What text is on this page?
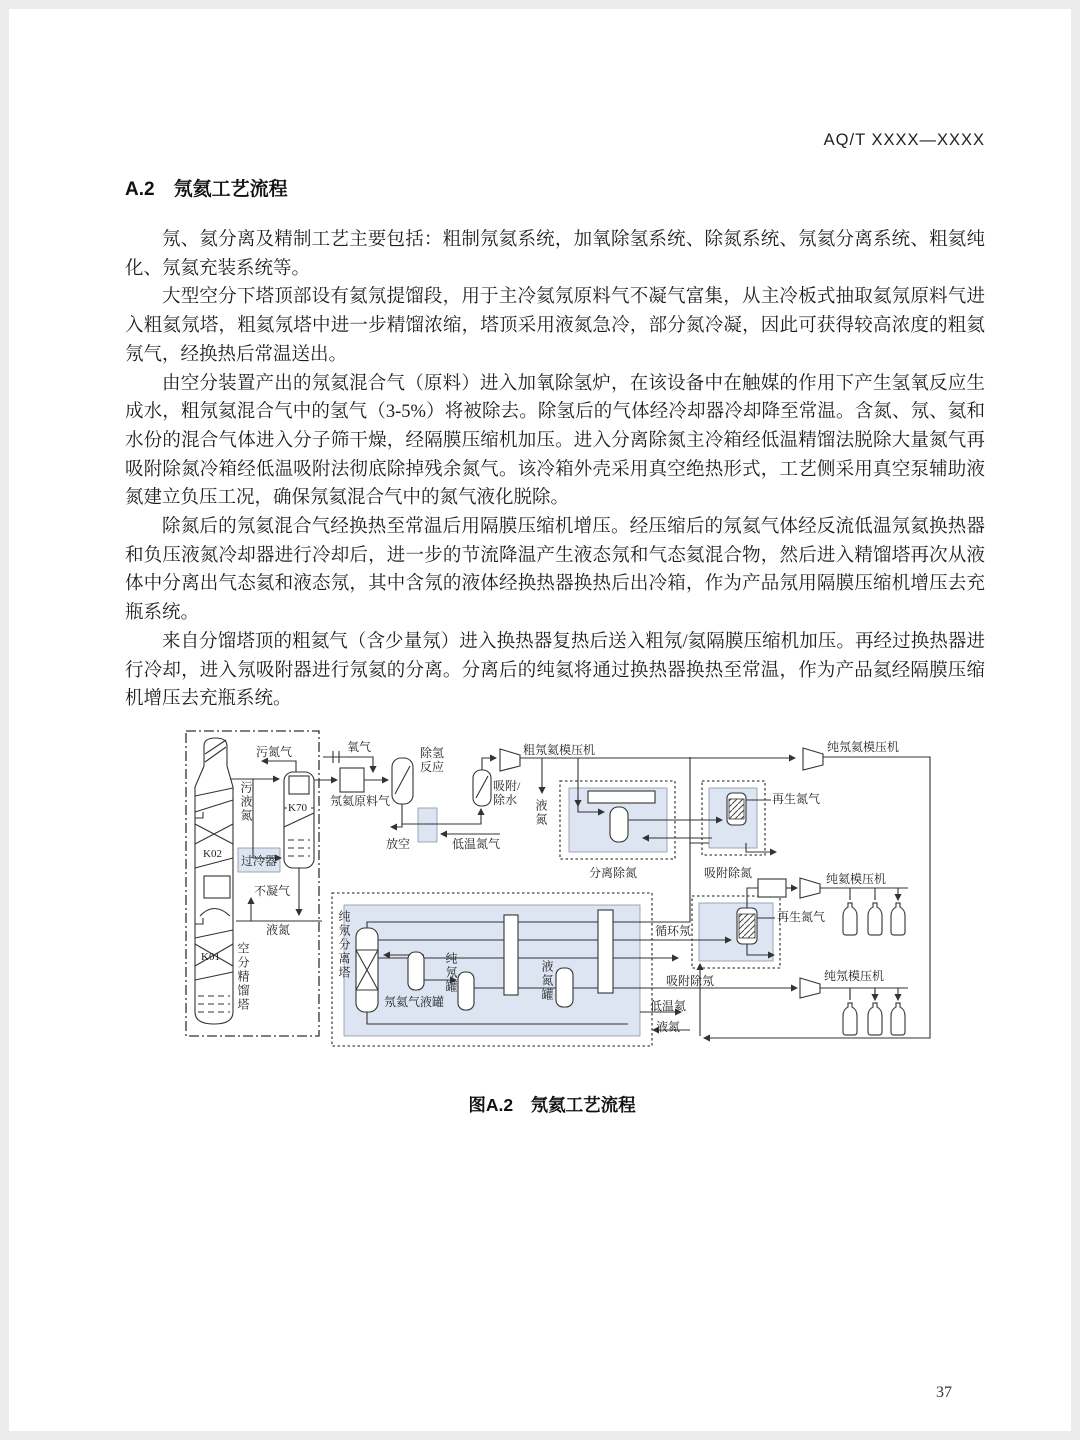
AQ/T XXXX—XXXX
A.2　氖氦工艺流程

氖、氦分离及精制工艺主要包括：粗制氖氦系统，加氧除氢系统、除氮系统、氖氦分离系统、粗氦纯化、氖氦充装系统等。

大型空分下塔顶部设有氦氖提馏段，用于主冷氦氖原料气不凝气富集，从主冷板式抽取氦氖原料气进入粗氦氖塔，粗氦氖塔中进一步精馏浓缩，塔顶采用液氮急冷，部分氮冷凝，因此可获得较高浓度的粗氦氖气，经换热后常温送出。

由空分装置产出的氖氦混合气（原料）进入加氧除氢炉，在该设备中在触媒的作用下产生氢氧反应生成水，粗氖氦混合气中的氢气（3-5%）将被除去。除氢后的气体经冷却器冷却降至常温。含氮、氖、氦和水份的混合气体进入分子筛干燥，经隔膜压缩机加压。进入分离除氮主冷箱经低温精馏法脱除大量氮气再吸附除氮冷箱经低温吸附法彻底除掉残余氮气。该冷箱外壳采用真空绝热形式，工艺侧采用真空泵辅助液氮建立负压工况，确保氖氦混合气中的氮气液化脱除。

除氮后的氖氦混合气经换热至常温后用隔膜压缩机增压。经压缩后的氖氦气体经反流低温氖氦换热器和负压液氮冷却器进行冷却后，进一步的节流降温产生液态氖和气态氦混合物，然后进入精馏塔再次从液体中分离出气态氦和液态氖，其中含氖的液体经换热器换热后出冷箱，作为产品氖用隔膜压缩机增压去充瓶系统。

来自分馏塔顶的粗氦气（含少量氖）进入换热器复热后送入粗氖/氦隔膜压缩机加压。再经过换热器进行冷却，进入氖吸附器进行氖氦的分离。分离后的纯氦将通过换热器换热至常温，作为产品氦经隔膜压缩机增压去充瓶系统。

污氮气
污液氮	K70
K02
K01
过冷器
不凝气
液氮
空分精馏塔
氧气
氖氦原料气
除氢反应
放空	低温氮气
吸附/除水
粗氖氦模压机
液氮
分离除氮	吸附除氮
再生氮气
纯氖氦模压机
纯氖分离塔
氖氦气液罐
纯氖罐	液氮罐
循环氖
吸附除氖
再生氮气
纯氦模压机
纯氖模压机
低温氦
液氮
图A.2　氖氦工艺流程
37
